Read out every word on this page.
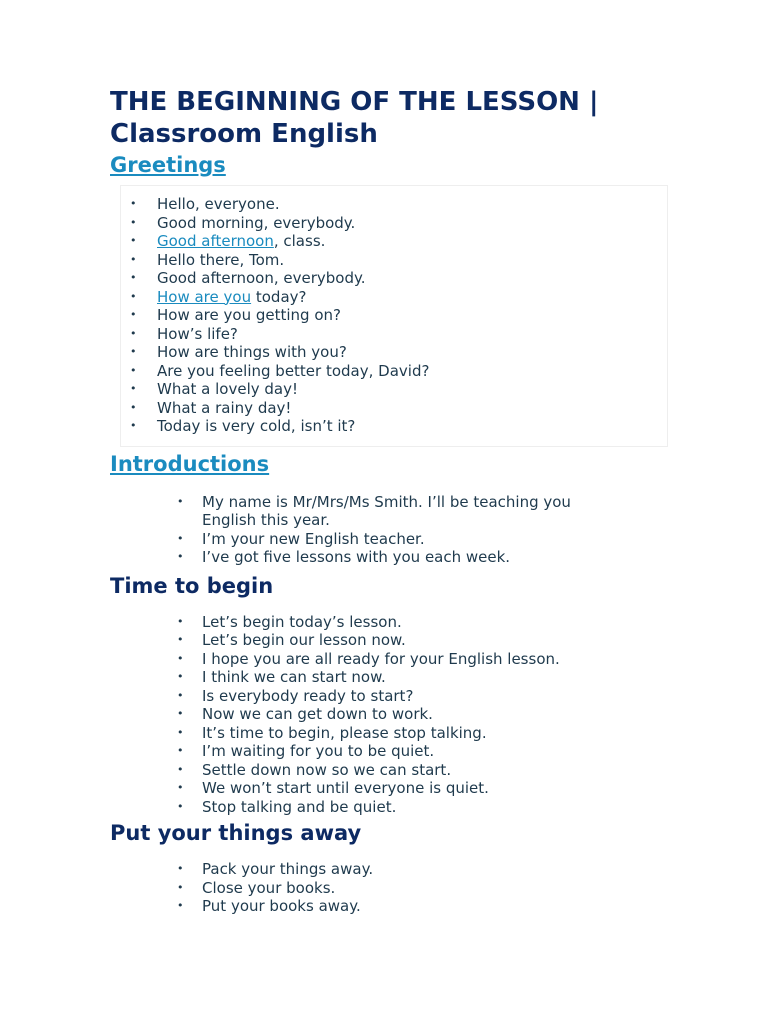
THE BEGINNING OF THE LESSON | Classroom English
Greetings
• Hello, everyone.
• Good morning, everybody.
• Good afternoon, class.
• Hello there, Tom.
• Good afternoon, everybody.
• How are you today?
• How are you getting on?
• How’s life?
• How are things with you?
• Are you feeling better today, David?
• What a lovely day!
• What a rainy day!
• Today is very cold, isn’t it?
Introductions
• My name is Mr/Mrs/Ms Smith. I’ll be teaching you English this year.
• I’m your new English teacher.
• I’ve got five lessons with you each week.
Time to begin
• Let’s begin today’s lesson.
• Let’s begin our lesson now.
• I hope you are all ready for your English lesson.
• I think we can start now.
• Is everybody ready to start?
• Now we can get down to work.
• It’s time to begin, please stop talking.
• I’m waiting for you to be quiet.
• Settle down now so we can start.
• We won’t start until everyone is quiet.
• Stop talking and be quiet.
Put your things away
• Pack your things away.
• Close your books.
• Put your books away.
